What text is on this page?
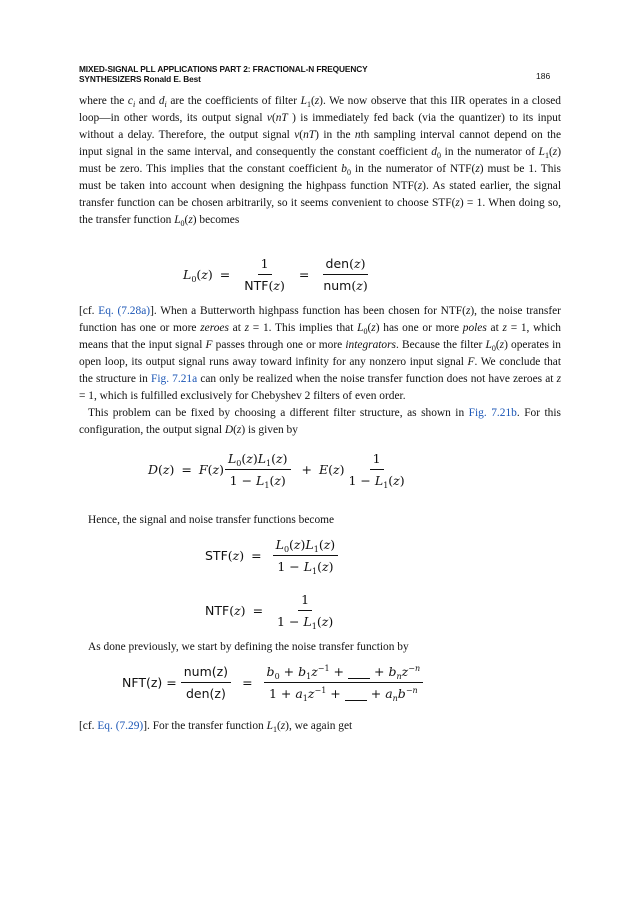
MIXED-SIGNAL PLL APPLICATIONS PART 2: FRACTIONAL-N FREQUENCY
SYNTHESIZERS Ronald E. Best	186

where the $c_i$ and $d_i$ are the coefficients of filter $L_1(z)$. We now observe that this IIR operates in a closed loop—in other words, its output signal v(nT ) is immediately fed back (via the quantizer) to its input without a delay. Therefore, the output signal v(nT) in the nth sampling interval cannot depend on the input signal in the same interval, and consequently the constant coefficient $d_0$ in the numerator of $L_1(z)$ must be zero. This implies that the constant coefficient $b_0$ in the numerator of NTF(z) must be 1. This must be taken into account when designing the highpass function NTF(z). As stated earlier, the signal transfer function can be chosen arbitrarily, so it seems convenient to choose STF(z) = 1. When doing so, the transfer function $L_0(z)$ becomes

$L_0(z) = \frac{1}{\text{NTF(z)}} = \frac{\text{den(z)}}{\text{num(z)}}$

[cf. Eq. (7.28a)]. When a Butterworth highpass function has been chosen for NTF(z), the noise transfer function has one or more zeroes at z = 1. This implies that $L_0(z)$ has one or more poles at z = 1, which means that the input signal F passes through one or more integrators. Because the filter $L_0(z)$ operates in open loop, its output signal runs away toward infinity for any nonzero input signal F. We conclude that the structure in Fig. 7.21a can only be realized when the noise transfer function does not have zeroes at z = 1, which is fulfilled exclusively for Chebyshev 2 filters of even order.

This problem can be fixed by choosing a different filter structure, as shown in Fig. 7.21b. For this configuration, the output signal D(z) is given by

$D(z) = F(z) \frac{L_0(z)L_1(z)}{1 - L_1(z)} + E(z) \frac{1}{1 - L_1(z)}$
Hence, the signal and noise transfer functions become
$STF(z) = \frac{L_0(z)L_1(z)}{1 - L_1(z)}$
$NTF(z) = \frac{1}{1 - L_1(z)}$
As done previously, we start by defining the noise transfer function by
$NFT(z) = \frac{\text{num(z)}}{\text{den(z)}} = \frac{b_0 + b_1z^{-1} + + b_nz^{-n}}{1 + a_1z^{-1} + + a_nb^{-n}}$

[cf. Eq. (7.29)]. For the transfer function $L_1(z)$, we again get
